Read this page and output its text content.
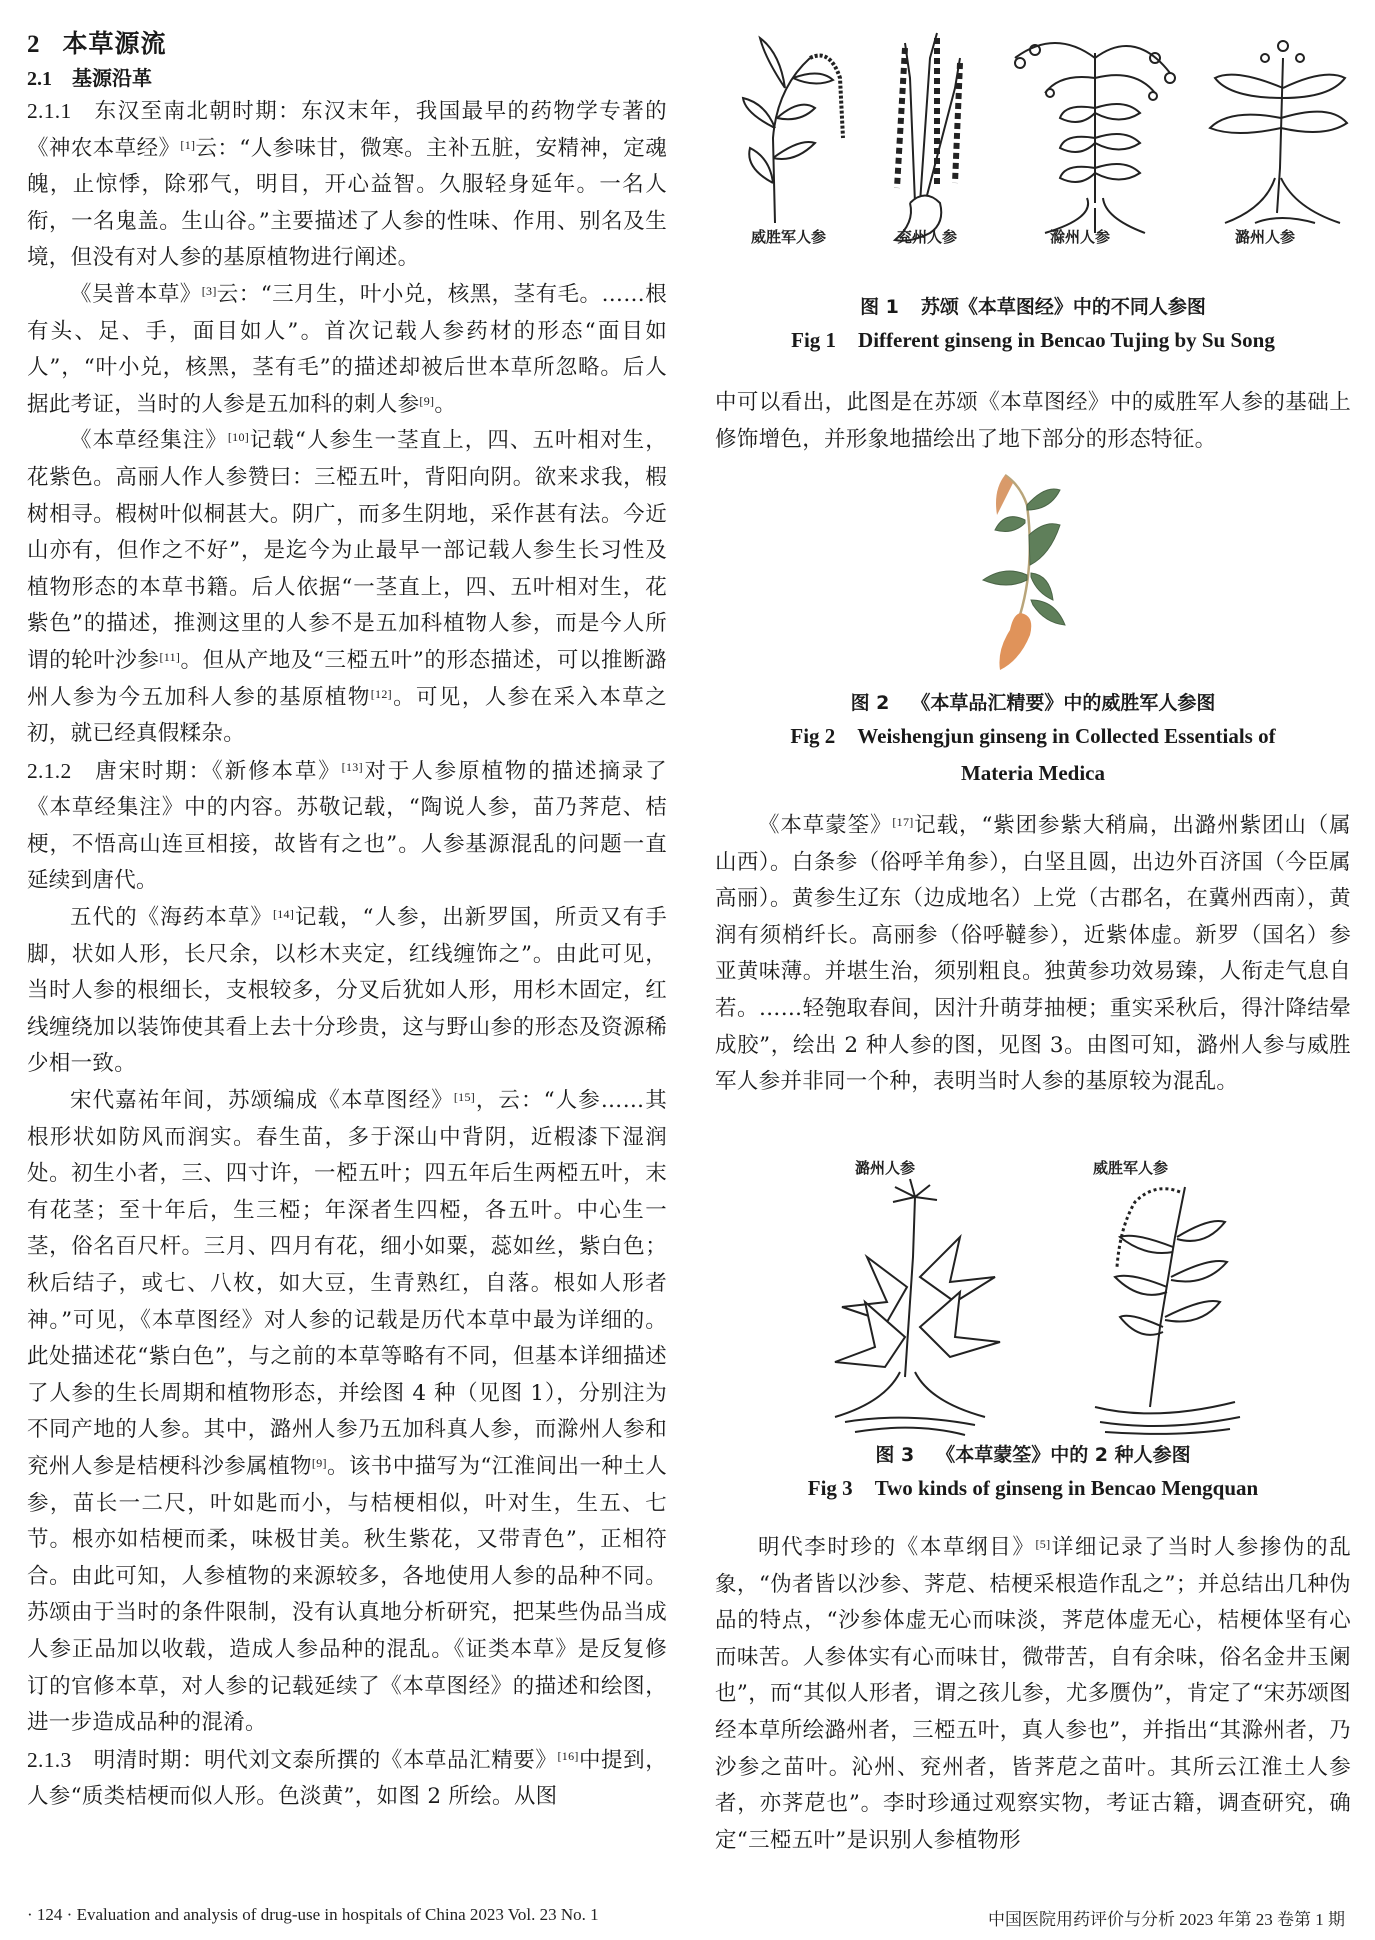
2 本草源流
2.1 基源沿革

2.1.1 东汉至南北朝时期：东汉末年，我国最早的药物学专著的《神农本草经》[1]云：“人参味甘，微寒。主补五脏，安精神，定魂魄，止惊悸，除邪气，明目，开心益智。久服轻身延年。一名人衔，一名鬼盖。生山谷。”主要描述了人参的性味、作用、别名及生境，但没有对人参的基原植物进行阐述。

《吴普本草》[3]云：“三月生，叶小兑，核黑，茎有毛。……根有头、足、手，面目如人”。首次记载人参药材的形态“面目如人”，“叶小兑，核黑，茎有毛”的描述却被后世本草所忽略。后人据此考证，当时的人参是五加科的刺人参[9]。

《本草经集注》[10]记载“人参生一茎直上，四、五叶相对生，花紫色。高丽人作人参赞曰：三椏五叶，背阳向阴。欲来求我，椵树相寻。椵树叶似桐甚大。阴广，而多生阴地，采作甚有法。今近山亦有，但作之不好”，是迄今为止最早一部记载人参生长习性及植物形态的本草书籍。后人依据“一茎直上，四、五叶相对生，花紫色”的描述，推测这里的人参不是五加科植物人参，而是今人所谓的轮叶沙参[11]。但从产地及“三椏五叶”的形态描述，可以推断潞州人参为今五加科人参的基原植物[12]。可见，人参在采入本草之初，就已经真假糅杂。

2.1.2 唐宋时期：《新修本草》[13]对于人参原植物的描述摘录了《本草经集注》中的内容。苏敬记载，“陶说人参，苗乃荠苨、桔梗，不悟高山连亘相接，故皆有之也”。人参基源混乱的问题一直延续到唐代。

五代的《海药本草》[14]记载，“人参，出新罗国，所贡又有手脚，状如人形，长尺余，以杉木夹定，红线缠饰之”。由此可见，当时人参的根细长，支根较多，分叉后犹如人形，用杉木固定，红线缠绕加以装饰使其看上去十分珍贵，这与野山参的形态及资源稀少相一致。

宋代嘉祐年间，苏颂编成《本草图经》[15]，云：“人参……其根形状如防风而润实。春生苗，多于深山中背阴，近椵漆下湿润处。初生小者，三、四寸许，一椏五叶；四五年后生两椏五叶，末有花茎；至十年后，生三椏；年深者生四椏，各五叶。中心生一茎，俗名百尺杆。三月、四月有花，细小如粟，蕊如丝，紫白色；秋后结子，或七、八枚，如大豆，生青熟红，自落。根如人形者神。”可见，《本草图经》对人参的记载是历代本草中最为详细的。此处描述花“紫白色”，与之前的本草等略有不同，但基本详细描述了人参的生长周期和植物形态，并绘图 4 种（见图 1），分别注为不同产地的人参。其中，潞州人参乃五加科真人参，而滁州人参和兖州人参是桔梗科沙参属植物[9]。该书中描写为“江淮间出一种土人参，苗长一二尺，叶如匙而小，与桔梗相似，叶对生，生五、七节。根亦如桔梗而柔，味极甘美。秋生紫花，又带青色”，正相符合。由此可知，人参植物的来源较多，各地使用人参的品种不同。苏颂由于当时的条件限制，没有认真地分析研究，把某些伪品当成人参正品加以收载，造成人参品种的混乱。《证类本草》是反复修订的官修本草，对人参的记载延续了《本草图经》的描述和绘图，进一步造成品种的混淆。

2.1.3 明清时期：明代刘文泰所撰的《本草品汇精要》[16]中提到，人参“质类桔梗而似人形。色淡黄”，如图 2 所绘。从图

威胜军人参	兖州人参	滁州人参	潞州人参
图 1 苏颂《本草图经》中的不同人参图
Fig 1 Different ginseng in Bencao Tujing by Su Song

中可以看出，此图是在苏颂《本草图经》中的威胜军人参的基础上修饰增色，并形象地描绘出了地下部分的形态特征。

图 2 《本草品汇精要》中的威胜军人参图
Fig 2 Weishengjun ginseng in Collected Essentials of Materia Medica

《本草蒙筌》[17]记载，“紫团参紫大稍扁，出潞州紫团山（属山西）。白条参（俗呼羊角参），白坚且圆，出边外百济国（今臣属高丽）。黄参生辽东（边成地名）上党（古郡名，在冀州西南），黄润有须梢纤长。高丽参（俗呼韃参），近紫体虚。新罗（国名）参亚黄味薄。并堪生治，须别粗良。独黄参功效易臻，人衔走气息自若。……轻匏取春间，因汁升萌芽抽梗；重实采秋后，得汁降结晕成胶”，绘出 2 种人参的图，见图 3。由图可知，潞州人参与威胜军人参并非同一个种，表明当时人参的基原较为混乱。

潞州人参	威胜军人参
图 3 《本草蒙筌》中的 2 种人参图
Fig 3 Two kinds of ginseng in Bencao Mengquan

明代李时珍的《本草纲目》[5]详细记录了当时人参掺伪的乱象，“伪者皆以沙参、荠苨、桔梗采根造作乱之”；并总结出几种伪品的特点，“沙参体虚无心而味淡，荠苨体虚无心，桔梗体坚有心而味苦。人参体实有心而味甘，微带苦，自有余味，俗名金井玉阑也”，而“其似人形者，谓之孩儿参，尤多赝伪”，肯定了“宋苏颂图经本草所绘潞州者，三椏五叶，真人参也”，并指出“其滁州者，乃沙参之苗叶。沁州、兖州者，皆荠苨之苗叶。其所云江淮土人参者，亦荠苨也”。李时珍通过观察实物，考证古籍，调查研究，确定“三椏五叶”是识别人参植物形

· 124 · Evaluation and analysis of drug-use in hospitals of China 2023 Vol. 23 No. 1	中国医院用药评价与分析 2023 年第 23 卷第 1 期
